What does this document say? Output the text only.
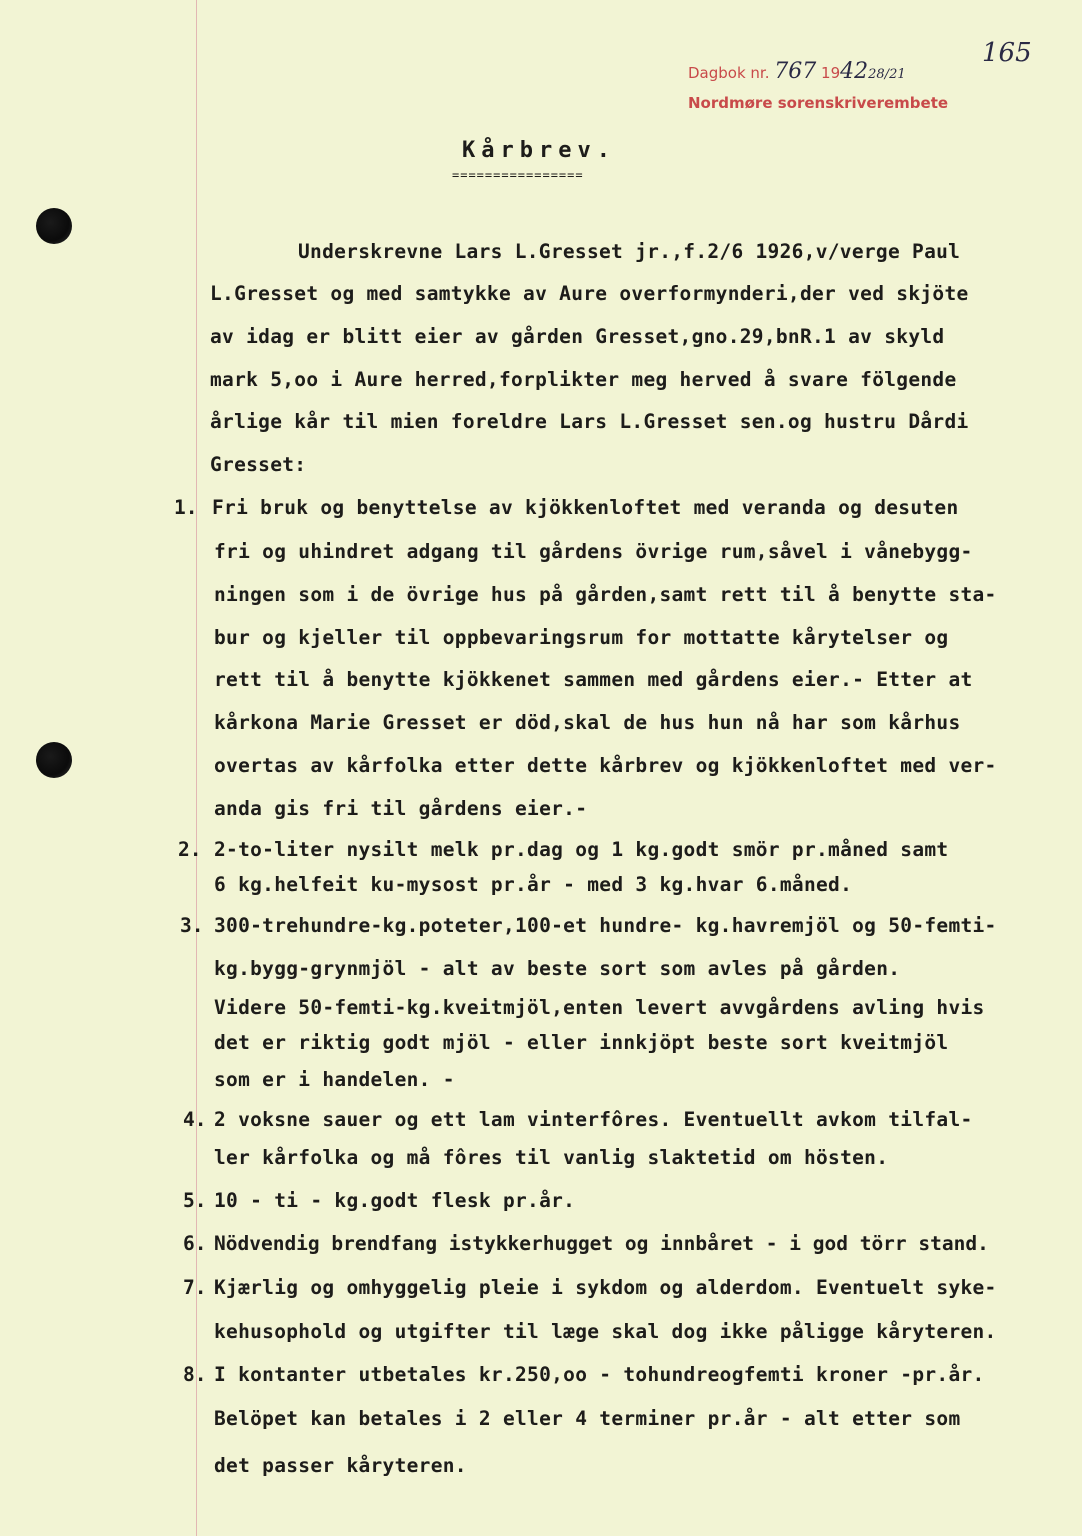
Dagbok nr. 767 194228/21
Nordmøre sorenskriverembete
165
Kårbrev.
================
Underskrevne Lars L.Gresset jr.,f.2/6 1926,v/verge Paul
L.Gresset og med samtykke av Aure overformynderi,der ved skjöte
av idag er blitt eier av gården Gresset,gno.29,bnR.1 av skyld
mark 5,oo i Aure herred,forplikter meg herved å svare fölgende
årlige kår til mien foreldre Lars L.Gresset sen.og hustru Dårdi
Gresset:
1. Fri bruk og benyttelse av kjökkenloftet med veranda og desuten
fri og uhindret adgang til gårdens övrige rum,såvel i vånebygg-
ningen som i de övrige hus på gården,samt rett til å benytte sta-
bur og kjeller til oppbevaringsrum for mottatte kårytelser og
rett til å benytte kjökkenet sammen med gårdens eier.- Etter at
kårkona Marie Gresset er död,skal de hus hun nå har som kårhus
overtas av kårfolka etter dette kårbrev og kjökkenloftet med ver-
anda gis fri til gårdens eier.-
2. 2-to-liter nysilt melk pr.dag og 1 kg.godt smör pr.måned samt
6 kg.helfeit ku-mysost pr.år - med 3 kg.hvar 6.måned.
3. 300-trehundre-kg.poteter,100-et hundre- kg.havremjöl og 50-femti-
kg.bygg-grynmjöl - alt av beste sort som avles på gården.
Videre 50-femti-kg.kveitmjöl,enten levert avvgårdens avling hvis
det er riktig godt mjöl - eller innkjöpt beste sort kveitmjöl
som er i handelen. -
4. 2 voksne sauer og ett lam vinterfôres. Eventuellt avkom tilfal-
ler kårfolka og må fôres til vanlig slaktetid om hösten.
5. 10 - ti - kg.godt flesk pr.år.
6. Nödvendig brendfang istykkerhugget og innbåret - i god törr stand.
7. Kjærlig og omhyggelig pleie i sykdom og alderdom. Eventuelt syke-
kehusophold og utgifter til læge skal dog ikke påligge kåryteren.
8. I kontanter utbetales kr.250,oo - tohundreogfemti kroner -pr.år.
Belöpet kan betales i 2 eller 4 terminer pr.år - alt etter som
det passer kåryteren.
